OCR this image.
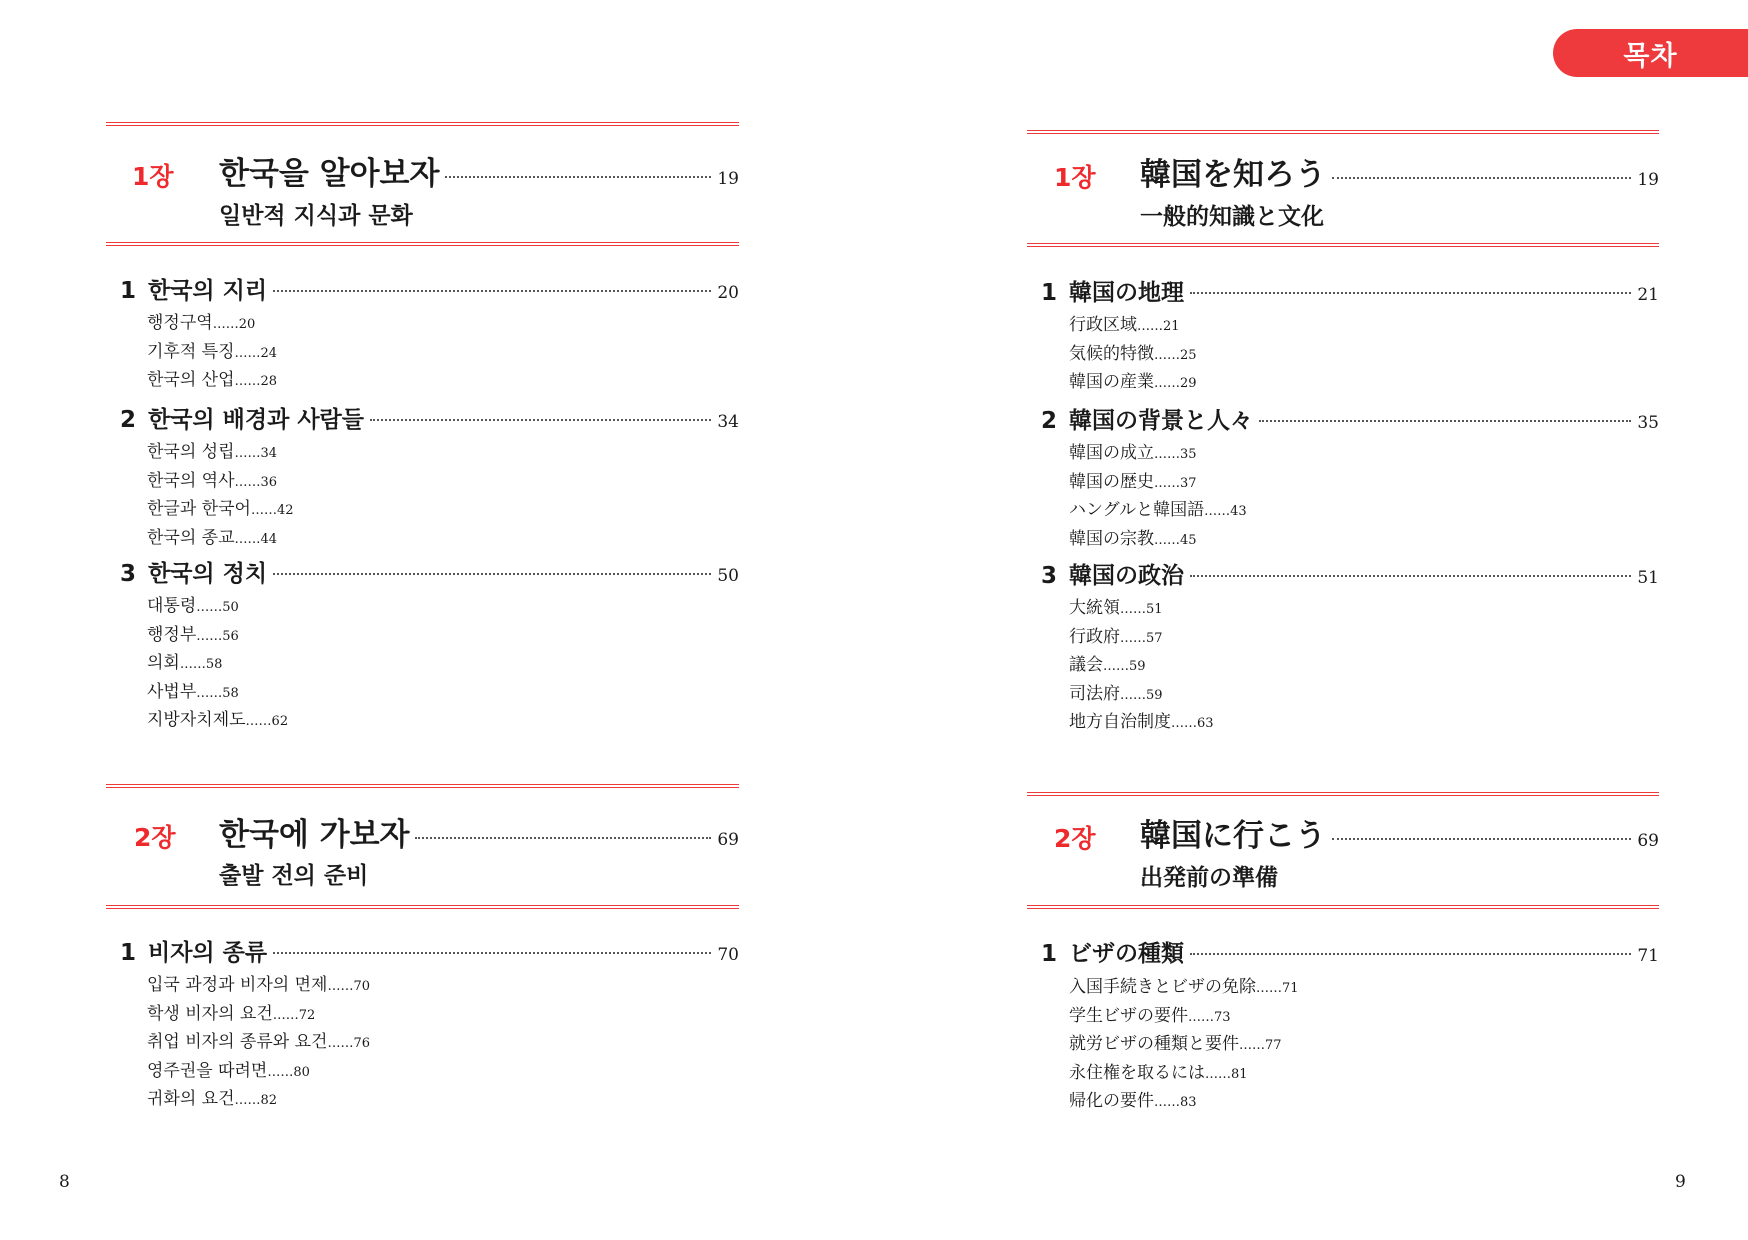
목차
1장 한국을 알아보자	19
일반적 지식과 문화
1 한국의 지리	20
행정구역……20
기후적 특징……24
한국의 산업……28
2 한국의 배경과 사람들	34
한국의 성립……34
한국의 역사……36
한글과 한국어……42
한국의 종교……44
3 한국의 정치	50
대통령……50
행정부……56
의회……58
사법부……58
지방자치제도……62
2장 한국에 가보자	69
출발 전의 준비
1 비자의 종류	70
입국 과정과 비자의 면제……70
학생 비자의 요건……72
취업 비자의 종류와 요건……76
영주권을 따려면……80
귀화의 요건……82
8
1장 韓国を知ろう	19
一般的知識と文化
1 韓国の地理	21
行政区域……21
気候的特徴……25
韓国の産業……29
2 韓国の背景と人々	35
韓国の成立……35
韓国の歴史……37
ハングルと韓国語……43
韓国の宗教……45
3 韓国の政治	51
大統領……51
行政府……57
議会……59
司法府……59
地方自治制度……63
2장 韓国に行こう	69
出発前の準備
1 ビザの種類	71
入国手続きとビザの免除……71
学生ビザの要件……73
就労ビザの種類と要件……77
永住権を取るには……81
帰化の要件……83
9
